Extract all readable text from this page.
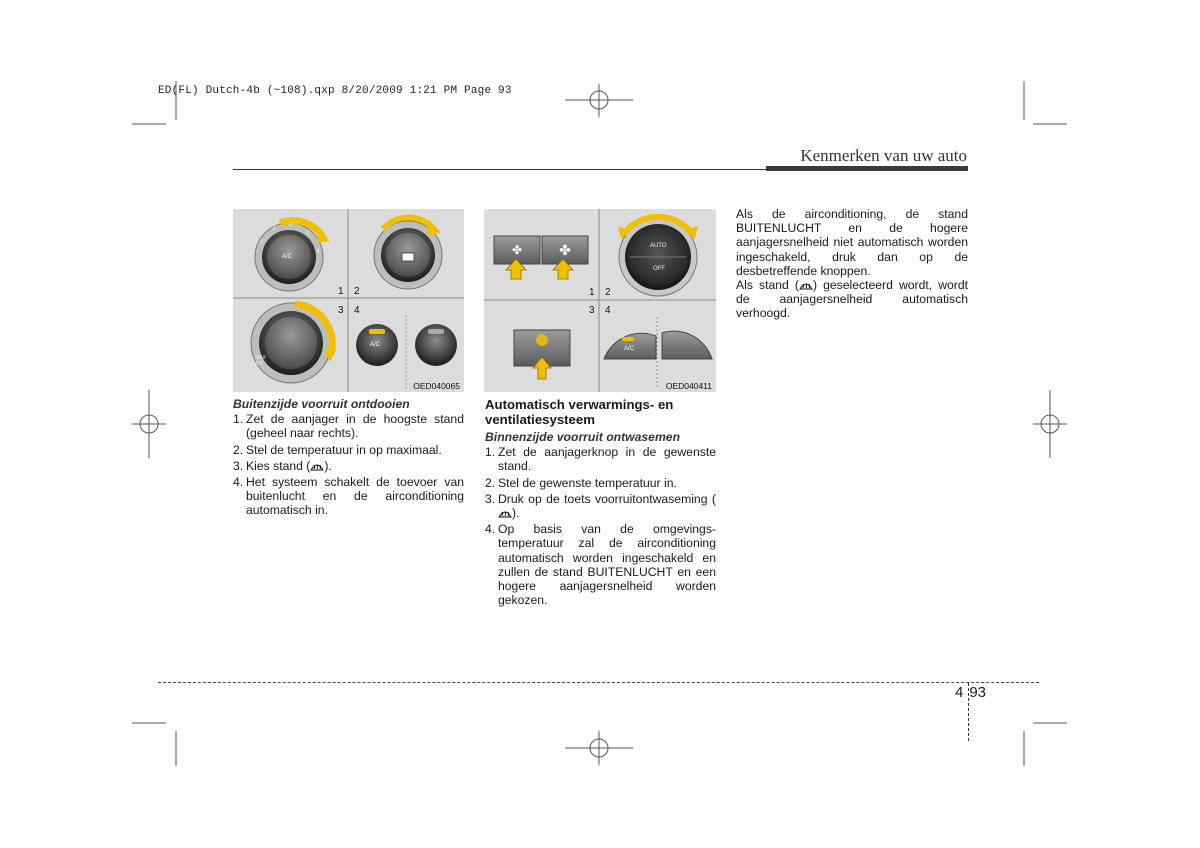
ED(FL) Dutch-4b (~108).qxp 8/20/2009 1:21 PM Page 93
Kenmerken van uw auto
0
1
2
3
4
A/C
MAX A/C
A/C
1 2
3 4
OED040065
✤	✤	AUTO
OFF
A/C
1 2
3 4
OED040411
Buitenzijde voorruit ontdooien
1. Zet de aanjager in de hoogste stand (geheel naar rechts).
2. Stel de temperatuur in op maximaal.
3. Kies stand ( ).
4. Het systeem schakelt de toevoer van buitenlucht en de airconditioning automatisch in.
Automatisch verwarmings- en ventilatiesysteem
Binnenzijde voorruit ontwasemen
1. Zet de aanjagerknop in de gewenste stand.
2. Stel de gewenste temperatuur in.
3. Druk op de toets voorruitontwaseming ().
4. Op basis van de omgevings-temperatuur zal de airconditioning automatisch worden ingeschakeld en zullen de stand BUITENLUCHT en een hogere aanjagersnelheid worden gekozen.

Als de airconditioning, de stand BUITENLUCHT en de hogere aanjagersnelheid niet automatisch worden ingeschakeld, druk dan op de desbetreffende knoppen.

Als stand ( ) geselecteerd wordt, wordt de aanjagersnelheid automatisch verhoogd.

4 93
